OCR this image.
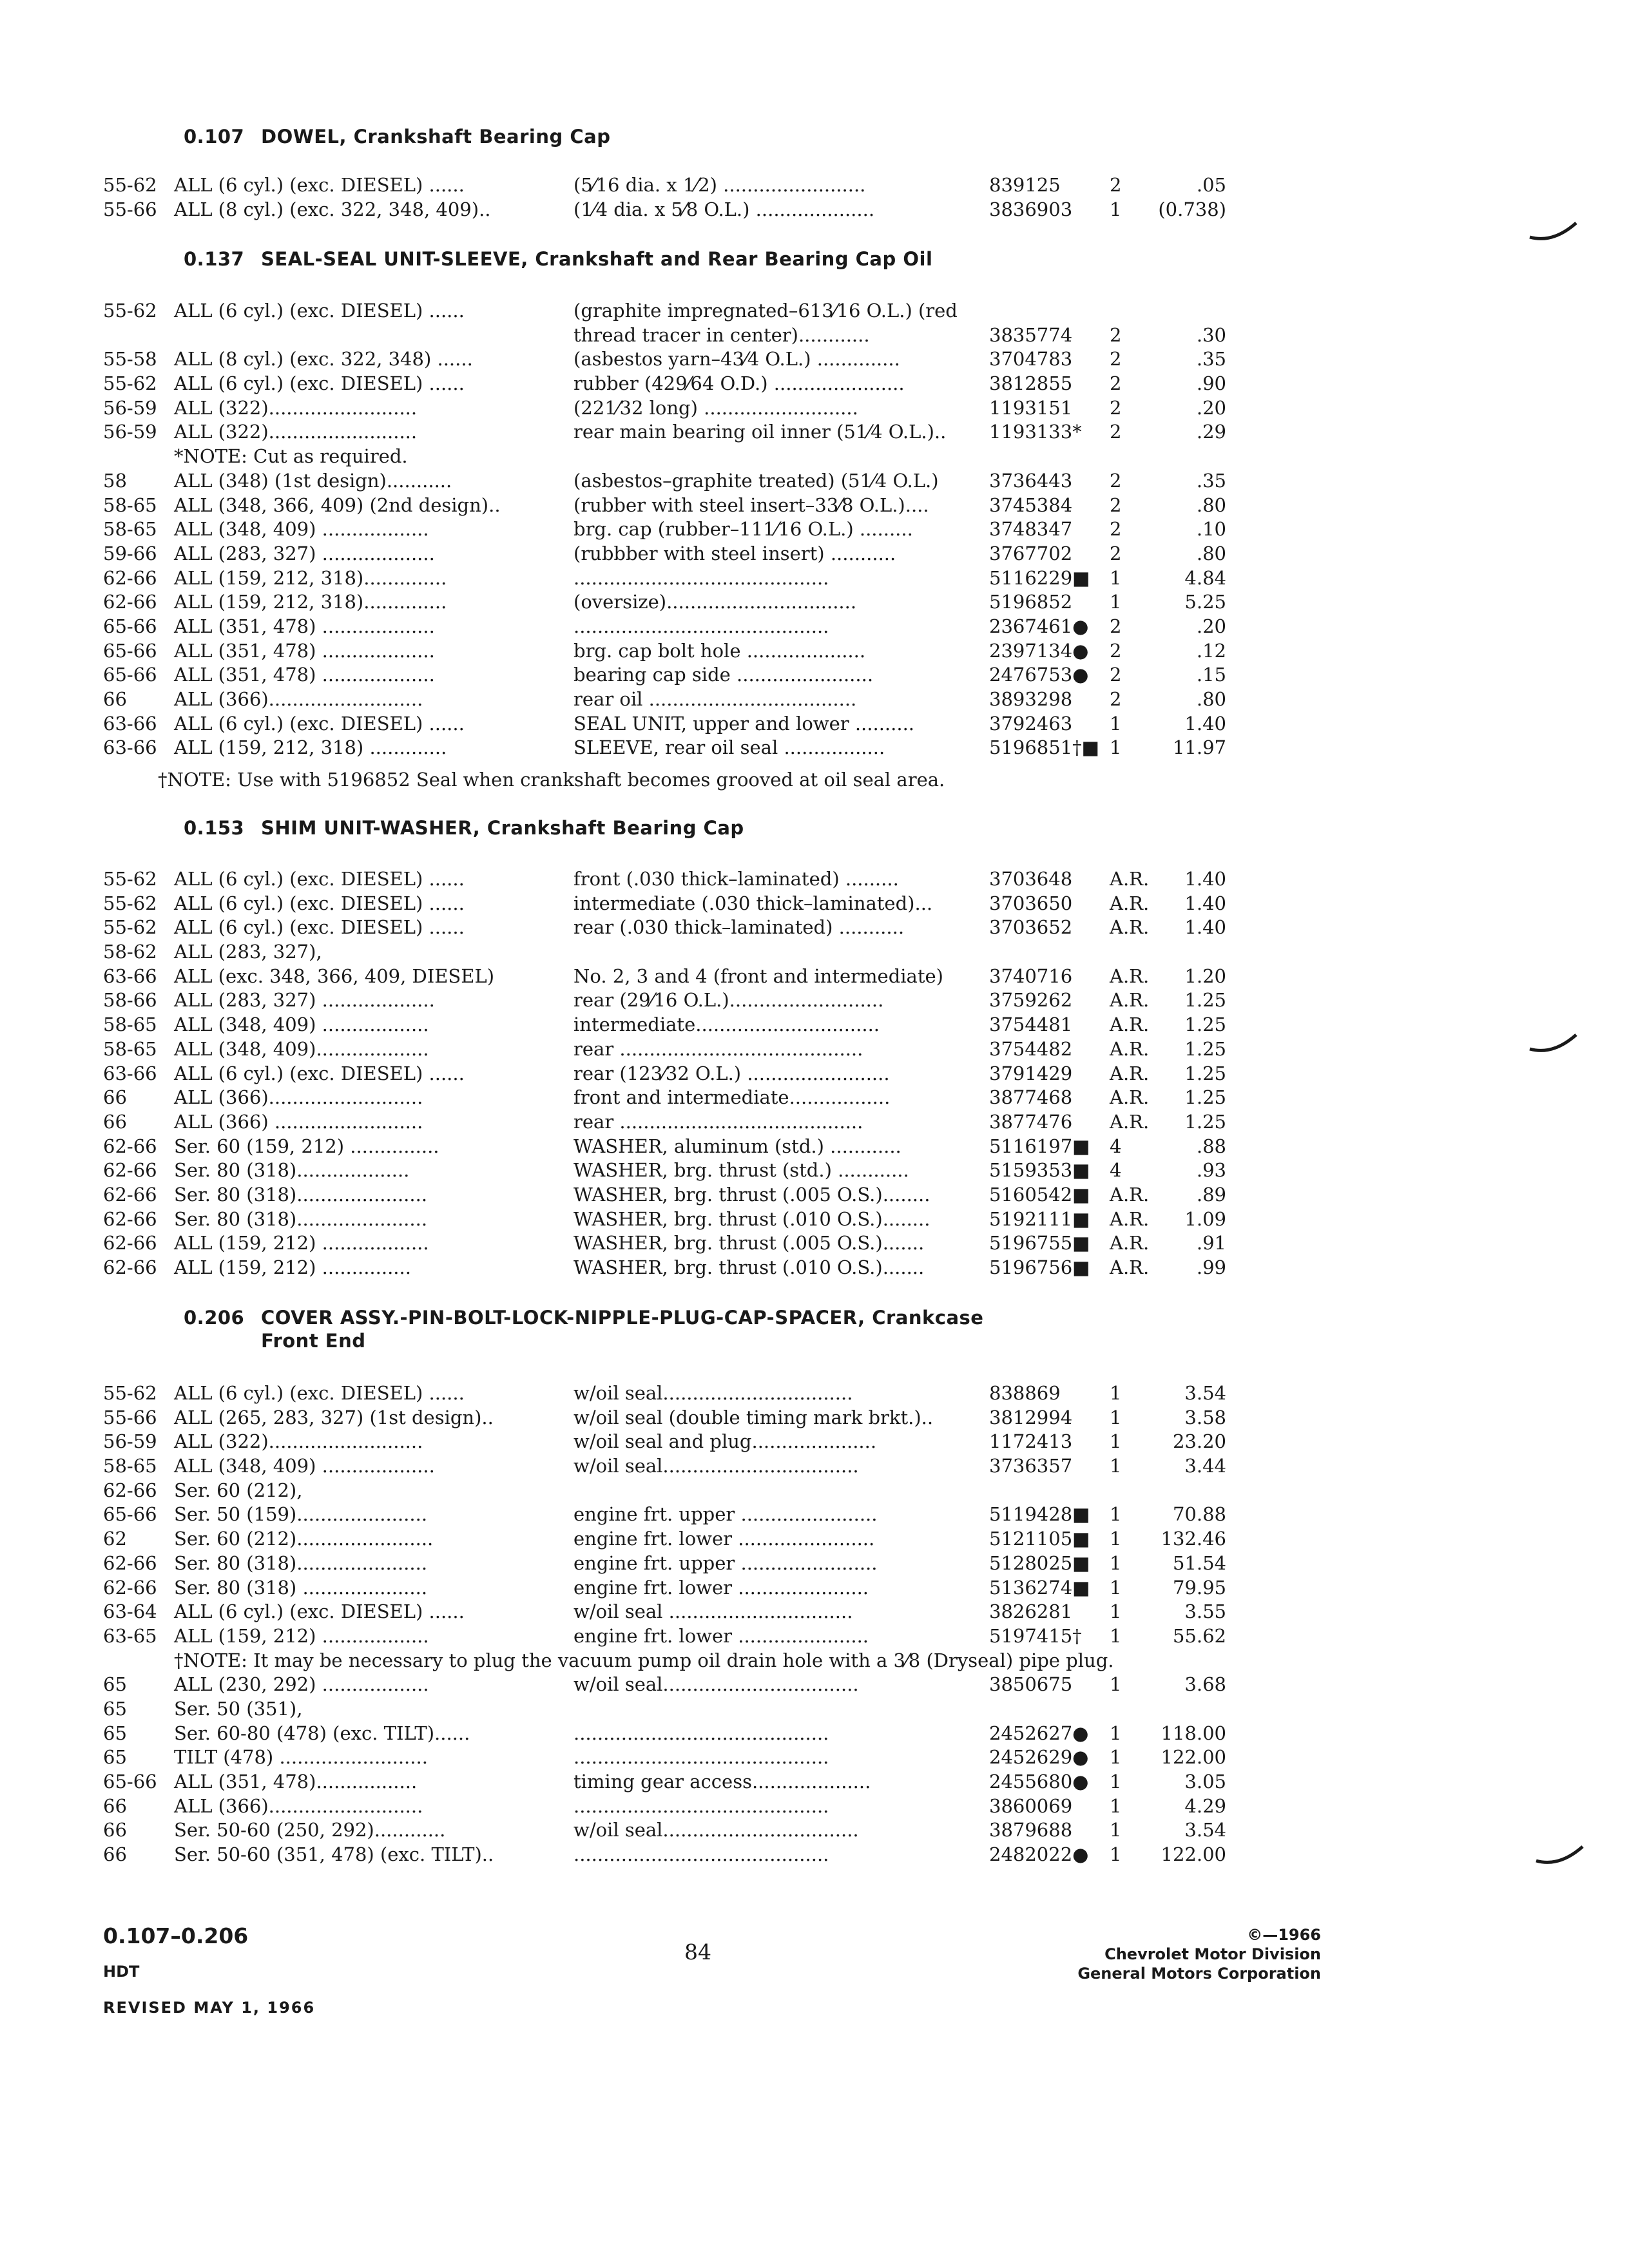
0.107 DOWEL, Crankshaft Bearing Cap
55-62 ALL (6 cyl.) (exc. DIESEL) ......	(5⁄16 dia. x 1⁄2) ........................	839125	2	.05
55-66 ALL (8 cyl.) (exc. 322, 348, 409)..	(1⁄4 dia. x 5⁄8 O.L.) ....................	3836903 1 (0.738)
0.137 SEAL-SEAL UNIT-SLEEVE, Crankshaft and Rear Bearing Cap Oil
55-62 ALL (6 cyl.) (exc. DIESEL) ......	(graphite impregnated–613⁄16 O.L.) (red
thread tracer in center)............	3835774 2	.30
55-58 ALL (8 cyl.) (exc. 322, 348) ......	(asbestos yarn–43⁄4 O.L.) ..............	3704783 2	.35
55-62 ALL (6 cyl.) (exc. DIESEL) ......	rubber (429⁄64 O.D.) ......................	3812855 2	.90
56-59 ALL (322).........................	(221⁄32 long) ..........................	1193151 2	.20
56-59 ALL (322).........................	rear main bearing oil inner (51⁄4 O.L.).. 1193133* 2	.29
*NOTE: Cut as required.
58	ALL (348) (1st design)...........	(asbestos–graphite treated) (51⁄4 O.L.)	3736443 2	.35
58-65 ALL (348, 366, 409) (2nd design)..	(rubber with steel insert–33⁄8 O.L.)....	3745384 2	.80
58-65 ALL (348, 409) ..................	brg. cap (rubber–111⁄16 O.L.) .........	3748347 2	.10
59-66 ALL (283, 327) ...................	(rubbber with steel insert) ...........	3767702 2	.80
62-66 ALL (159, 212, 318)..............	...........................................	5116229■ 1	4.84
62-66 ALL (159, 212, 318)..............	(oversize)................................	5196852 1	5.25
65-66 ALL (351, 478) ...................	...........................................	2367461● 2	.20
65-66 ALL (351, 478) ...................	brg. cap bolt hole ....................	2397134● 2	.12
65-66 ALL (351, 478) ...................	bearing cap side .......................	2476753● 2	.15
66	ALL (366)..........................	rear oil ...................................	3893298 2	.80
63-66 ALL (6 cyl.) (exc. DIESEL) ......	SEAL UNIT, upper and lower ..........	3792463 1	1.40
63-66 ALL (159, 212, 318) .............	SLEEVE, rear oil seal .................	5196851†■ 1	11.97
†NOTE: Use with 5196852 Seal when crankshaft becomes grooved at oil seal area.
0.153 SHIM UNIT-WASHER, Crankshaft Bearing Cap
55-62 ALL (6 cyl.) (exc. DIESEL) ......	front (.030 thick–laminated) .........	3703648 A.R. 1.40
55-62 ALL (6 cyl.) (exc. DIESEL) ......	intermediate (.030 thick–laminated)...	3703650 A.R. 1.40
55-62 ALL (6 cyl.) (exc. DIESEL) ......	rear (.030 thick–laminated) ...........	3703652 A.R. 1.40
58-62 ALL (283, 327),
63-66 ALL (exc. 348, 366, 409, DIESEL)	No. 2, 3 and 4 (front and intermediate) 3740716 A.R. 1.20
58-66 ALL (283, 327) ...................	rear (29⁄16 O.L.)..........................	3759262 A.R. 1.25
58-65 ALL (348, 409) ..................	intermediate...............................	3754481 A.R. 1.25
58-65 ALL (348, 409)...................	rear .........................................	3754482 A.R. 1.25
63-66 ALL (6 cyl.) (exc. DIESEL) ......	rear (123⁄32 O.L.) ........................	3791429 A.R. 1.25
66	ALL (366)..........................	front and intermediate.................	3877468 A.R. 1.25
66	ALL (366) .........................	rear .........................................	3877476 A.R. 1.25
62-66 Ser. 60 (159, 212) ...............	WASHER, aluminum (std.) ............	5116197■ 4	.88
62-66 Ser. 80 (318)...................	WASHER, brg. thrust (std.) ............	5159353■ 4	.93
62-66 Ser. 80 (318)......................	WASHER, brg. thrust (.005 O.S.)........	5160542■ A.R.	.89
62-66 Ser. 80 (318)......................	WASHER, brg. thrust (.010 O.S.)........	5192111■ A.R. 1.09
62-66 ALL (159, 212) ..................	WASHER, brg. thrust (.005 O.S.).......	5196755■ A.R.	.91
62-66 ALL (159, 212) ...............	WASHER, brg. thrust (.010 O.S.).......	5196756■ A.R.	.99
0.206 COVER ASSY.-PIN-BOLT-LOCK-NIPPLE-PLUG-CAP-SPACER, Crankcase
Front End
55-62 ALL (6 cyl.) (exc. DIESEL) ......	w/oil seal................................	838869	1	3.54
55-66 ALL (265, 283, 327) (1st design)..	w/oil seal (double timing mark brkt.)..	3812994 1	3.58
56-59 ALL (322)..........................	w/oil seal and plug.....................	1172413 1	23.20
58-65 ALL (348, 409) ...................	w/oil seal.................................	3736357 1	3.44
62-66 Ser. 60 (212),
65-66 Ser. 50 (159)......................	engine frt. upper .......................	5119428■ 1	70.88
62	Ser. 60 (212).......................	engine frt. lower .......................	5121105■ 1 132.46
62-66 Ser. 80 (318)......................	engine frt. upper .......................	5128025■ 1	51.54
62-66 Ser. 80 (318) .....................	engine frt. lower ......................	5136274■ 1	79.95
63-64 ALL (6 cyl.) (exc. DIESEL) ......	w/oil seal ...............................	3826281 1	3.55
63-65 ALL (159, 212) ..................	engine frt. lower ......................	5197415† 1	55.62
†NOTE: It may be necessary to plug the vacuum pump oil drain hole with a 3⁄8 (Dryseal) pipe plug.
65	ALL (230, 292) ..................	w/oil seal.................................	3850675 1	3.68
65	Ser. 50 (351),
65	Ser. 60-80 (478) (exc. TILT)......	...........................................	2452627● 1 118.00
65	TILT (478) .........................	...........................................	2452629● 1 122.00
65-66 ALL (351, 478).................	timing gear access....................	2455680● 1	3.05
66	ALL (366)..........................	...........................................	3860069 1	4.29
66	Ser. 50-60 (250, 292)............	w/oil seal.................................	3879688 1	3.54
66	Ser. 50-60 (351, 478) (exc. TILT)..	...........................................	2482022● 1 122.00
0.107–0.206
HDT
REVISED MAY 1, 1966
84
©—1966
Chevrolet Motor Division
General Motors Corporation
